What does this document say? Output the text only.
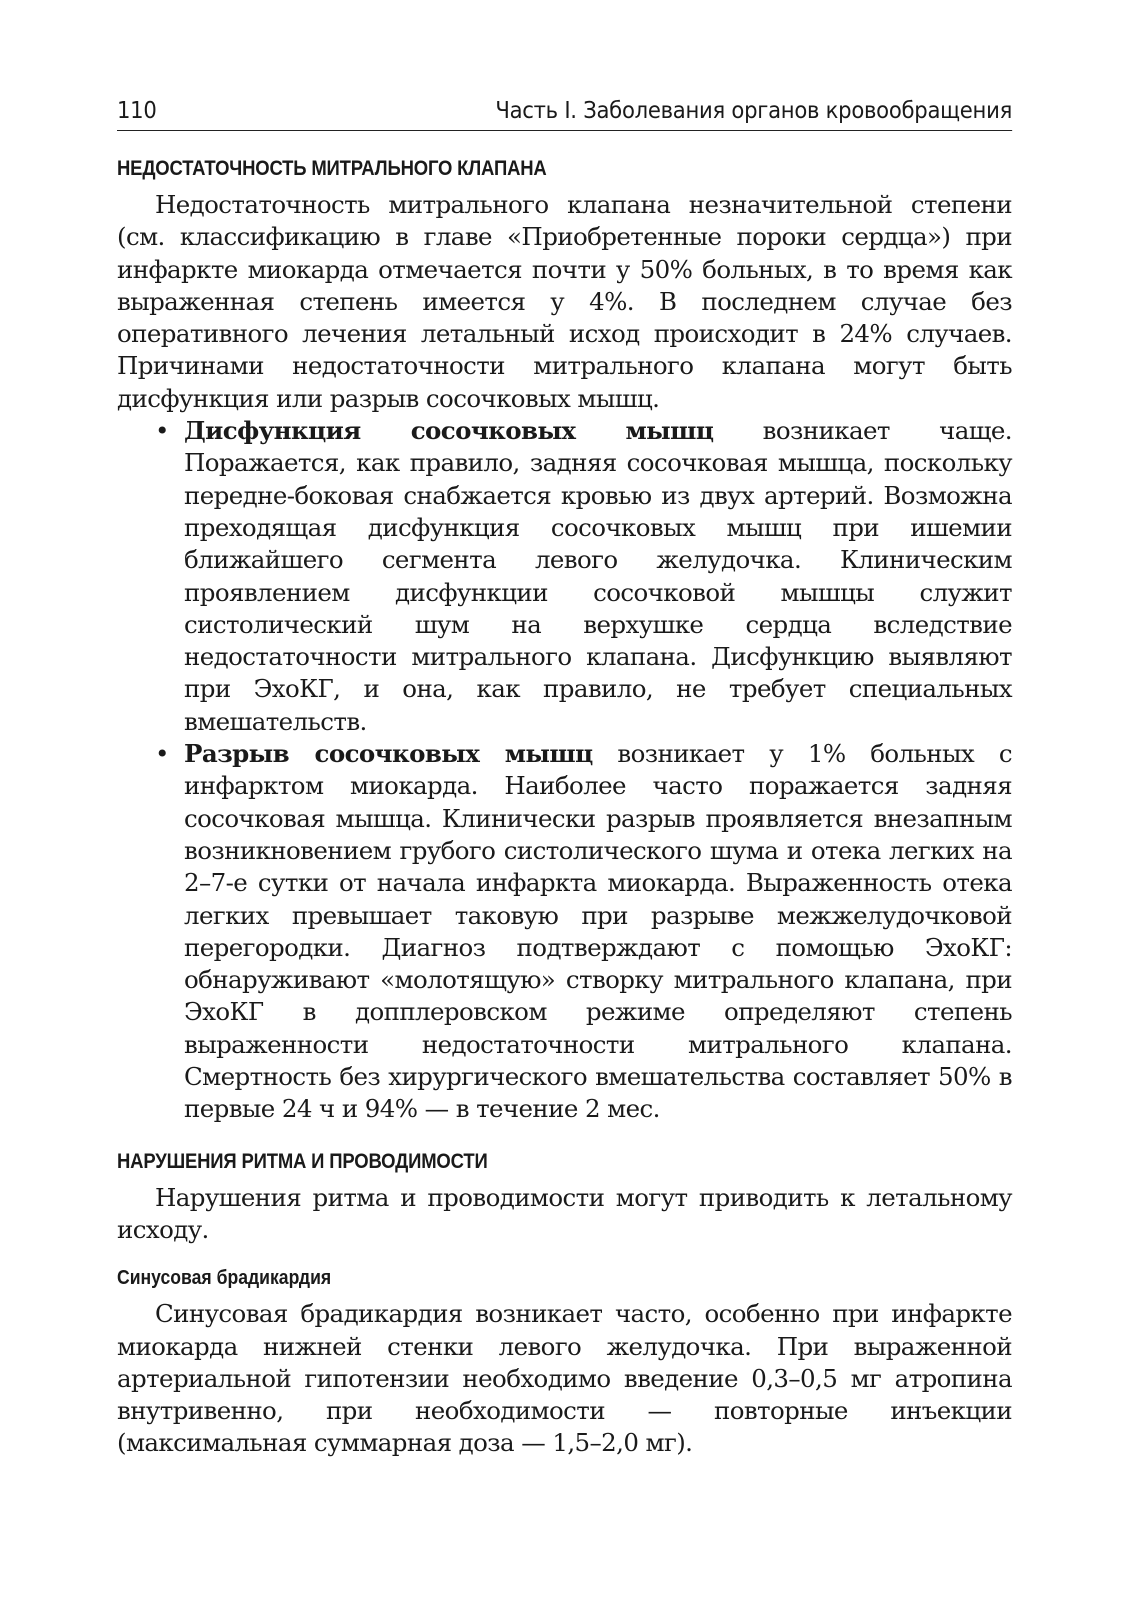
110	Часть I. Заболевания органов кровообращения
НЕДОСТАТОЧНОСТЬ МИТРАЛЬНОГО КЛАПАНА

Недостаточность митрального клапана незначительной степени (см. классификацию в главе «Приобретенные пороки сердца») при инфаркте миокарда отмечается почти у 50% больных, в то время как выраженная степень имеется у 4%. В последнем случае без оперативного лечения летальный исход происходит в 24% случаев. Причинами недостаточности митрального клапана могут быть дисфункция или разрыв сосочковых мышц.

• Дисфункция сосочковых мышц возникает чаще. Поражается, как правило, задняя сосочковая мышца, поскольку передне-боковая снабжается кровью из двух артерий. Возможна преходящая дисфункция сосочковых мышц при ишемии ближайшего сегмента левого желудочка. Клиническим проявлением дисфункции сосочковой мышцы служит систолический шум на верхушке сердца вследствие недостаточности митрального клапана. Дисфункцию выявляют при ЭхоКГ, и она, как правило, не требует специальных вмешательств.
• Разрыв сосочковых мышц возникает у 1% больных с инфарктом миокарда. Наиболее часто поражается задняя сосочковая мышца. Клинически разрыв проявляется внезапным возникновением грубого систолического шума и отека легких на 2–7-е сутки от начала инфаркта миокарда. Выраженность отека легких превышает таковую при разрыве межжелудочковой перегородки. Диагноз подтверждают с помощью ЭхоКГ: обнаруживают «молотящую» створку митрального клапана, при ЭхоКГ в допплеровском режиме определяют степень выраженности недостаточности митрального клапана. Смертность без хирургического вмешательства составляет 50% в первые 24 ч и 94% — в течение 2 мес.
НАРУШЕНИЯ РИТМА И ПРОВОДИМОСТИ

Нарушения ритма и проводимости могут приводить к летальному исходу.

Синусовая брадикардия

Синусовая брадикардия возникает часто, особенно при инфаркте миокарда нижней стенки левого желудочка. При выраженной артериальной гипотензии необходимо введение 0,3–0,5 мг атропина внутривенно, при необходимости — повторные инъекции (максимальная суммарная доза — 1,5–2,0 мг).
